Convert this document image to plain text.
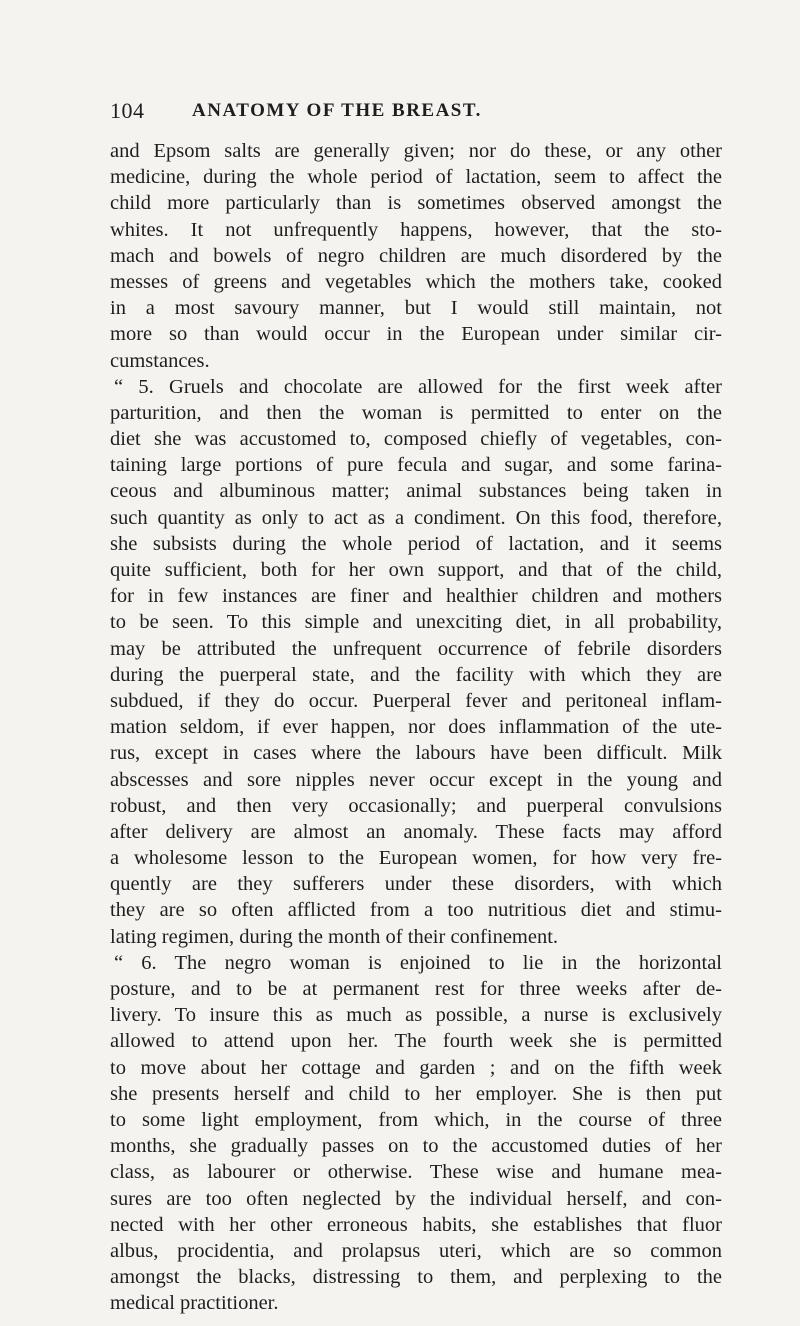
104	ANATOMY OF THE BREAST.
and Epsom salts are generally given; nor do these, or any other
medicine, during the whole period of lactation, seem to affect the
child more particularly than is sometimes observed amongst the
whites. It not unfrequently happens, however, that the sto-
mach and bowels of negro children are much disordered by the
messes of greens and vegetables which the mothers take, cooked
in a most savoury manner, but I would still maintain, not
more so than would occur in the European under similar cir-
cumstances.
“ 5. Gruels and chocolate are allowed for the first week after
parturition, and then the woman is permitted to enter on the
diet she was accustomed to, composed chiefly of vegetables, con-
taining large portions of pure fecula and sugar, and some farina-
ceous and albuminous matter; animal substances being taken in
such quantity as only to act as a condiment. On this food, therefore,
she subsists during the whole period of lactation, and it seems
quite sufficient, both for her own support, and that of the child,
for in few instances are finer and healthier children and mothers
to be seen. To this simple and unexciting diet, in all probability,
may be attributed the unfrequent occurrence of febrile disorders
during the puerperal state, and the facility with which they are
subdued, if they do occur. Puerperal fever and peritoneal inflam-
mation seldom, if ever happen, nor does inflammation of the ute-
rus, except in cases where the labours have been difficult. Milk
abscesses and sore nipples never occur except in the young and
robust, and then very occasionally; and puerperal convulsions
after delivery are almost an anomaly. These facts may afford
a wholesome lesson to the European women, for how very fre-
quently are they sufferers under these disorders, with which
they are so often afflicted from a too nutritious diet and stimu-
lating regimen, during the month of their confinement.
“ 6. The negro woman is enjoined to lie in the horizontal
posture, and to be at permanent rest for three weeks after de-
livery. To insure this as much as possible, a nurse is exclusively
allowed to attend upon her. The fourth week she is permitted
to move about her cottage and garden ; and on the fifth week
she presents herself and child to her employer. She is then put
to some light employment, from which, in the course of three
months, she gradually passes on to the accustomed duties of her
class, as labourer or otherwise. These wise and humane mea-
sures are too often neglected by the individual herself, and con-
nected with her other erroneous habits, she establishes that fluor
albus, procidentia, and prolapsus uteri, which are so common
amongst the blacks, distressing to them, and perplexing to the
medical practitioner.
